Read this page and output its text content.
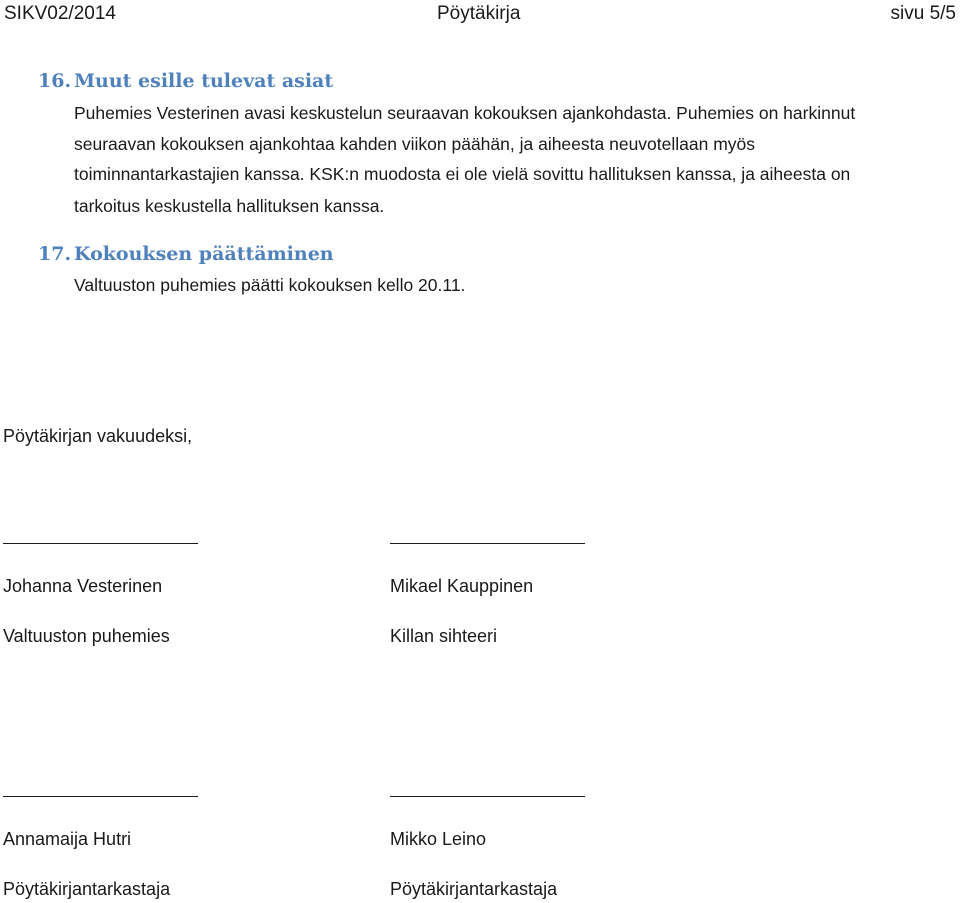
SIKV02/2014	Pöytäkirja	sivu 5/5
16. Muut esille tulevat asiat
Puhemies Vesterinen avasi keskustelun seuraavan kokouksen ajankohdasta. Puhemies on harkinnut
seuraavan kokouksen ajankohtaa kahden viikon päähän, ja aiheesta neuvotellaan myös
toiminnantarkastajien kanssa. KSK:n muodosta ei ole vielä sovittu hallituksen kanssa, ja aiheesta on
tarkoitus keskustella hallituksen kanssa.
17. Kokouksen päättäminen
Valtuuston puhemies päätti kokouksen kello 20.11.
Pöytäkirjan vakuudeksi,
Johanna Vesterinen	Mikael Kauppinen
Valtuuston puhemies	Killan sihteeri
Annamaija Hutri	Mikko Leino
Pöytäkirjantarkastaja	Pöytäkirjantarkastaja
